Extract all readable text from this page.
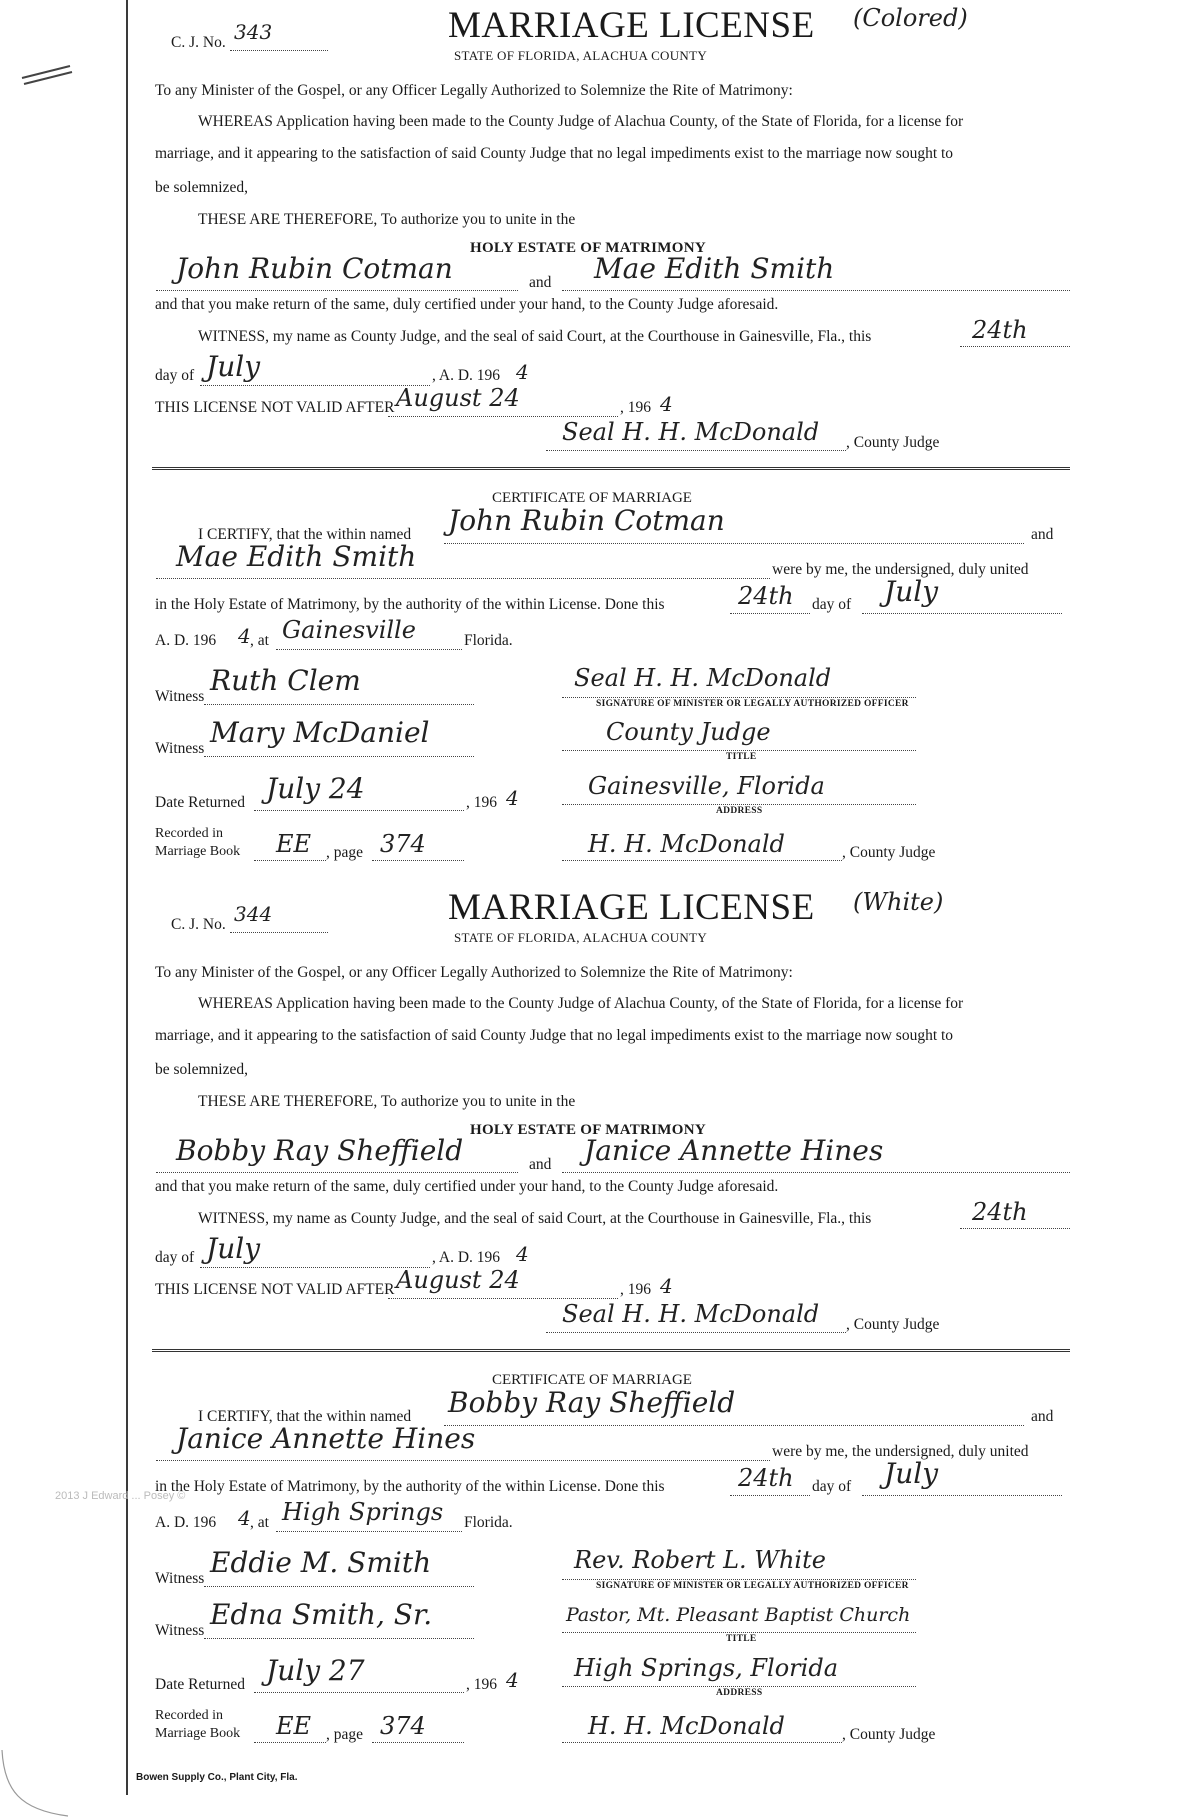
C. J. No. 343	MARRIAGE LICENSE (Colored)
STATE OF FLORIDA, ALACHUA COUNTY
To any Minister of the Gospel, or any Officer Legally Authorized to Solemnize the Rite of Matrimony:
WHEREAS Application having been made to the County Judge of Alachua County, of the State of Florida, for a license for
marriage, and it appearing to the satisfaction of said County Judge that no legal impediments exist to the marriage now sought to
be solemnized,
THESE ARE THEREFORE, To authorize you to unite in the
HOLY ESTATE OF MATRIMONY
John Rubin Cotman	and Mae Edith Smith
and that you make return of the same, duly certified under your hand, to the County Judge aforesaid.
WITNESS, my name as County Judge, and the seal of said Court, at the Courthouse in Gainesville, Fla., this	24th
day of July	, A. D. 196 4
THIS LICENSE NOT VALID AFTER August 24	, 196 4
Seal H. H. McDonald , County Judge
CERTIFICATE OF MARRIAGE
I CERTIFY, that the within named John Rubin Cotman	and
Mae Edith Smith	were by me, the undersigned, duly united
in the Holy Estate of Matrimony, by the authority of the within License. Done this	24th day of July
A. D. 196 4 , at Gainesville	Florida.
Witness Ruth Clem	Seal H. H. McDonald
SIGNATURE OF MINISTER OR LEGALLY AUTHORIZED OFFICER
Witness Mary McDaniel	County Judge
TITLE
Date Returned July 24	, 196 4	Gainesville, Florida
ADDRESS
Recorded in
Marriage Book EE , page 374	H. H. McDonald	, County Judge
C. J. No. 344	MARRIAGE LICENSE (White)
STATE OF FLORIDA, ALACHUA COUNTY
To any Minister of the Gospel, or any Officer Legally Authorized to Solemnize the Rite of Matrimony:
WHEREAS Application having been made to the County Judge of Alachua County, of the State of Florida, for a license for
marriage, and it appearing to the satisfaction of said County Judge that no legal impediments exist to the marriage now sought to
be solemnized,
THESE ARE THEREFORE, To authorize you to unite in the
HOLY ESTATE OF MATRIMONY
Bobby Ray Sheffield	and Janice Annette Hines
and that you make return of the same, duly certified under your hand, to the County Judge aforesaid.
WITNESS, my name as County Judge, and the seal of said Court, at the Courthouse in Gainesville, Fla., this	24th
day of July	, A. D. 196 4
THIS LICENSE NOT VALID AFTER August 24	, 196 4
Seal H. H. McDonald , County Judge
CERTIFICATE OF MARRIAGE
I CERTIFY, that the within named Bobby Ray Sheffield	and
Janice Annette Hines	were by me, the undersigned, duly united
in the Holy Estate of Matrimony, by the authority of the within License. Done this	24th day of July
A. D. 196 4 , at High Springs Florida.
Witness Eddie M. Smith	Rev. Robert L. White
SIGNATURE OF MINISTER OR LEGALLY AUTHORIZED OFFICER
Witness Edna Smith, Sr.	Pastor, Mt. Pleasant Baptist Church
TITLE
Date Returned July 27	, 196 4 High Springs, Florida
ADDRESS
Recorded in
Marriage Book EE , page 374	H. H. McDonald	, County Judge
2013 J Edward ... Posey ©
Bowen Supply Co., Plant City, Fla.
